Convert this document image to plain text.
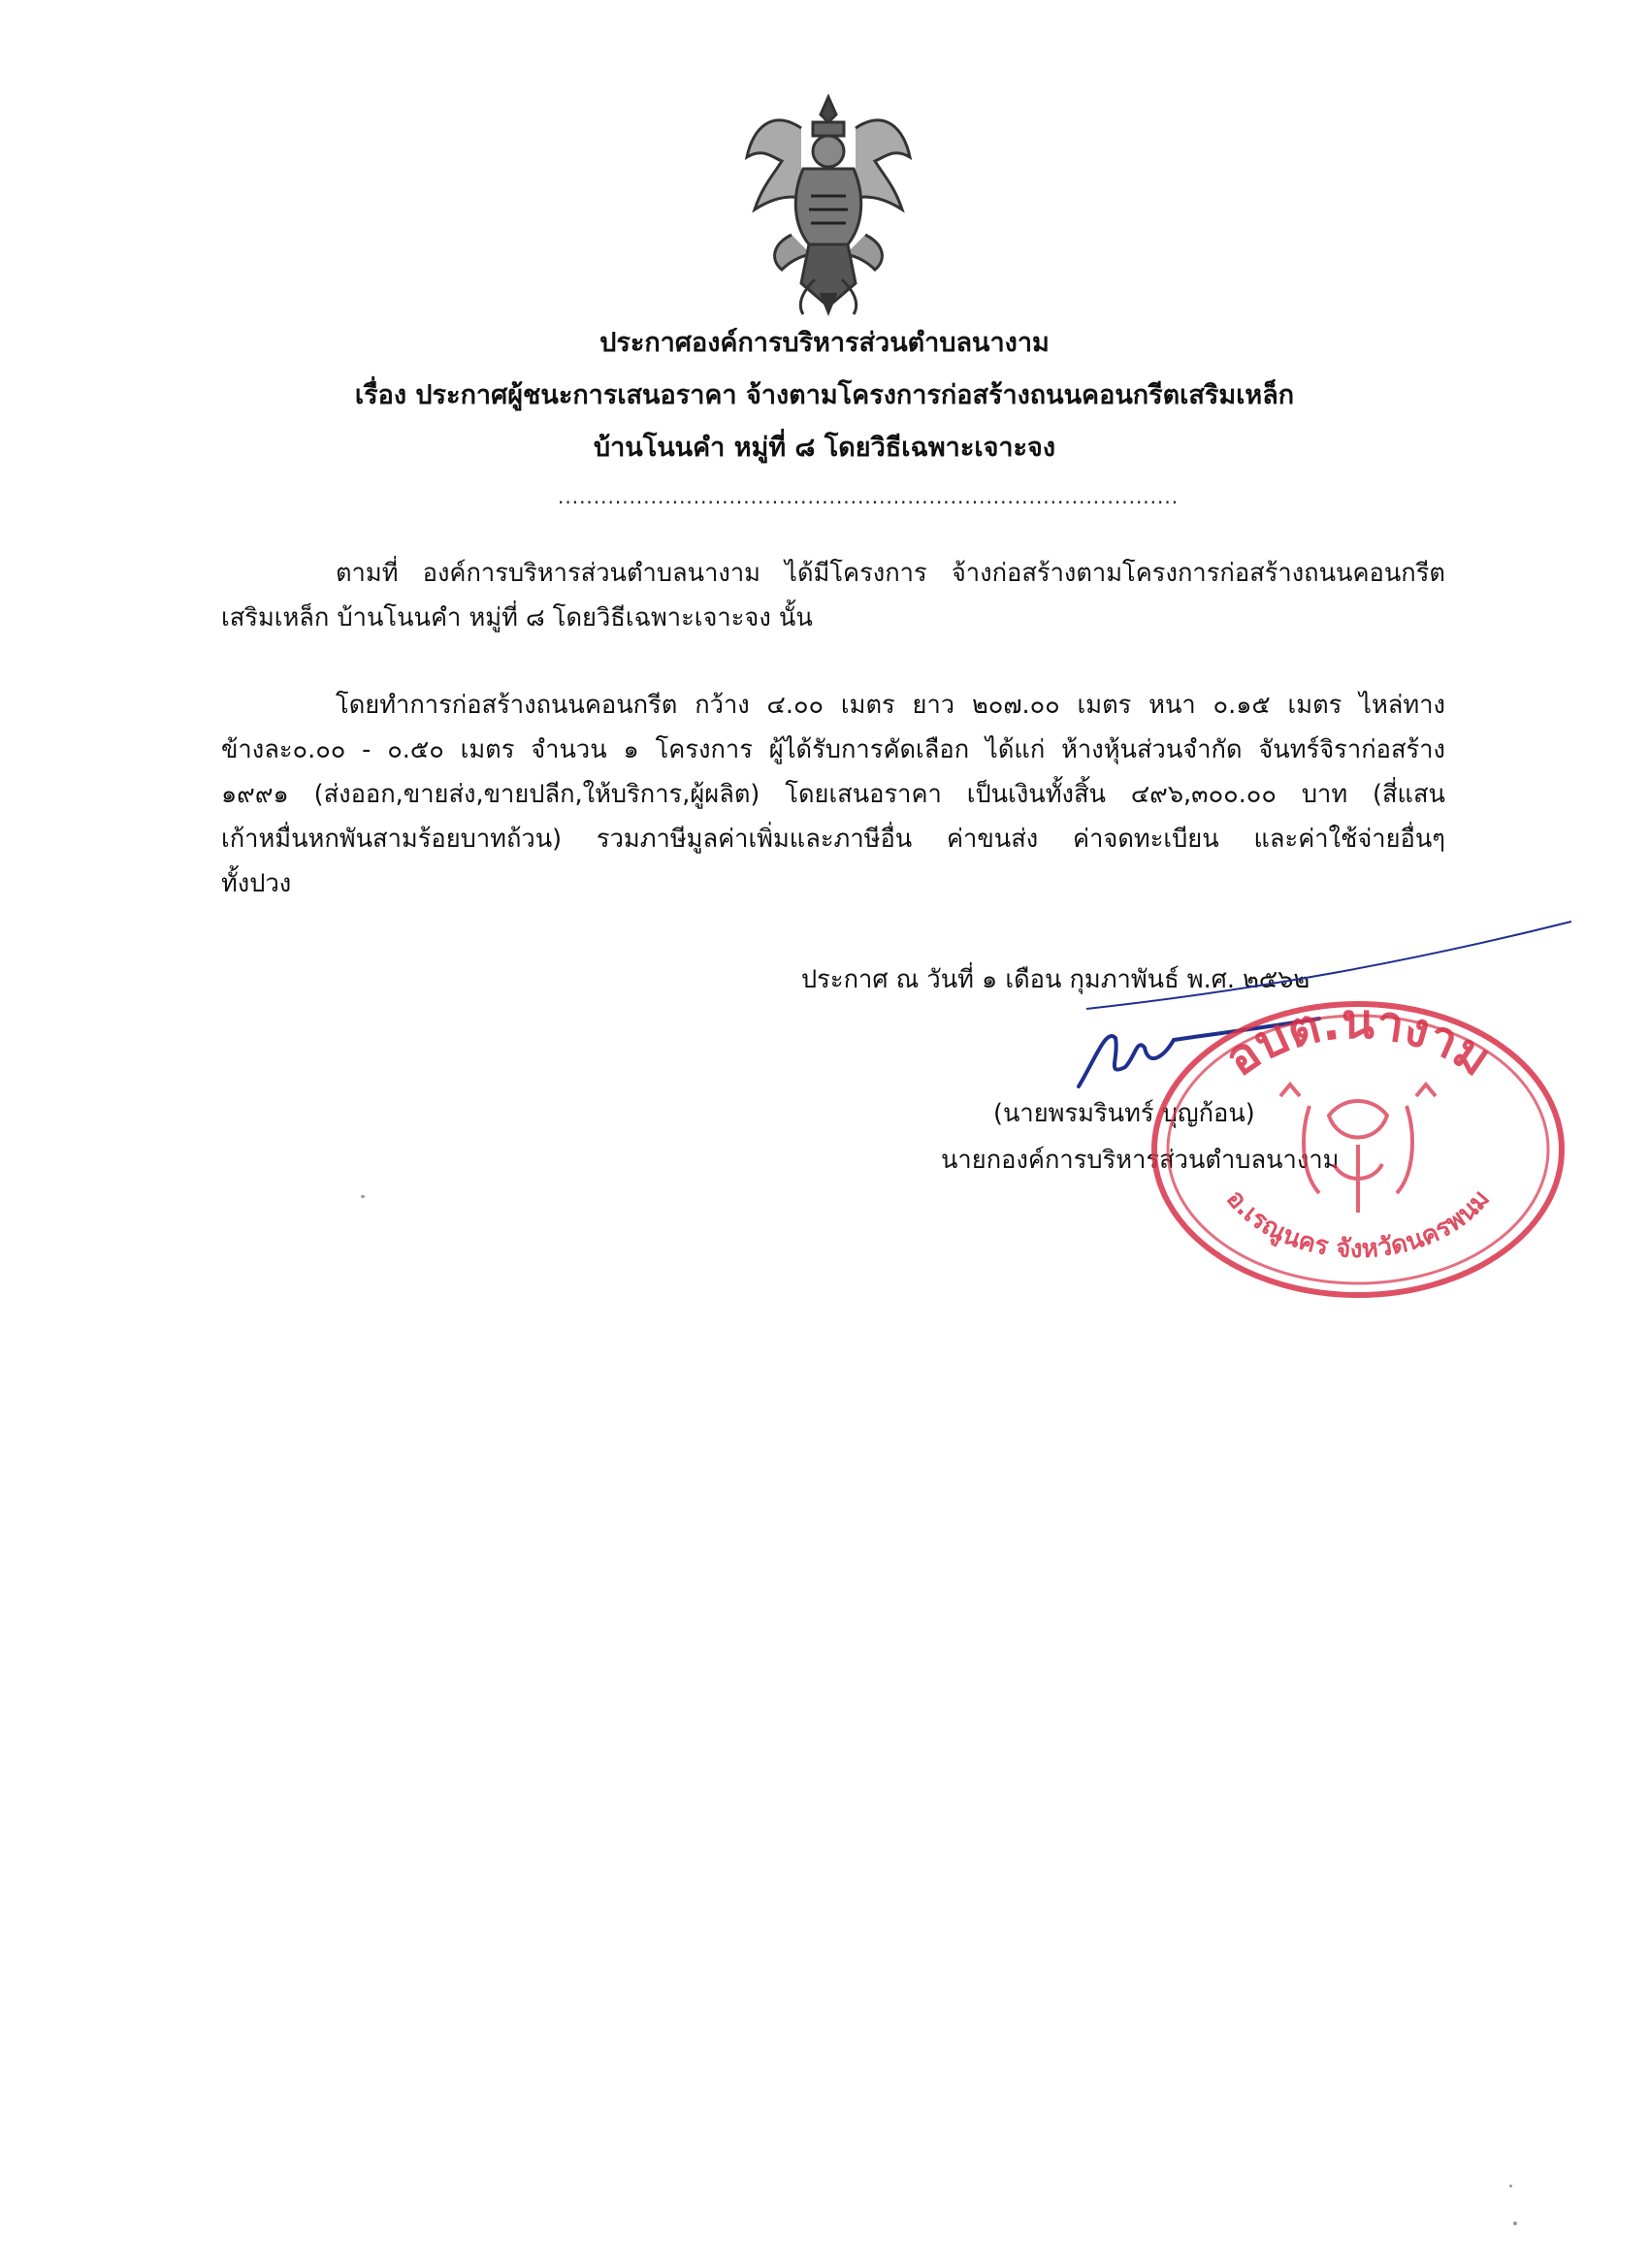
ประกาศองค์การบริหารส่วนตำบลนางาม
เรื่อง ประกาศผู้ชนะการเสนอราคา จ้างตามโครงการก่อสร้างถนนคอนกรีตเสริมเหล็ก
บ้านโนนคำ หมู่ที่ ๘ โดยวิธีเฉพาะเจาะจง
.......................................................................................
ตามที่ องค์การบริหารส่วนตำบลนางาม ได้มีโครงการ จ้างก่อสร้างตามโครงการก่อสร้างถนนคอนกรีต
เสริมเหล็ก บ้านโนนคำ หมู่ที่ ๘ โดยวิธีเฉพาะเจาะจง นั้น
โดยทำการก่อสร้างถนนคอนกรีต กว้าง ๔.๐๐ เมตร ยาว ๒๐๗.๐๐ เมตร หนา ๐.๑๕ เมตร ไหล่ทาง
ข้างละ๐.๐๐ - ๐.๕๐ เมตร จำนวน ๑ โครงการ ผู้ได้รับการคัดเลือก ได้แก่ ห้างหุ้นส่วนจำกัด จันทร์จิราก่อสร้าง
๑๙๙๑ (ส่งออก,ขายส่ง,ขายปลีก,ให้บริการ,ผู้ผลิต) โดยเสนอราคา เป็นเงินทั้งสิ้น ๔๙๖,๓๐๐.๐๐ บาท (สี่แสน
เก้าหมื่นหกพันสามร้อยบาทถ้วน) รวมภาษีมูลค่าเพิ่มและภาษีอื่น ค่าขนส่ง ค่าจดทะเบียน และค่าใช้จ่ายอื่นๆ
ทั้งปวง
ประกาศ ณ วันที่ ๑ เดือน กุมภาพันธ์ พ.ศ. ๒๕๖๒
(นายพรมรินทร์ บุญก้อน)
นายกองค์การบริหารส่วนตำบลนางาม
อบต.นางาม
อ.เรณูนคร จังหวัดนครพนม
